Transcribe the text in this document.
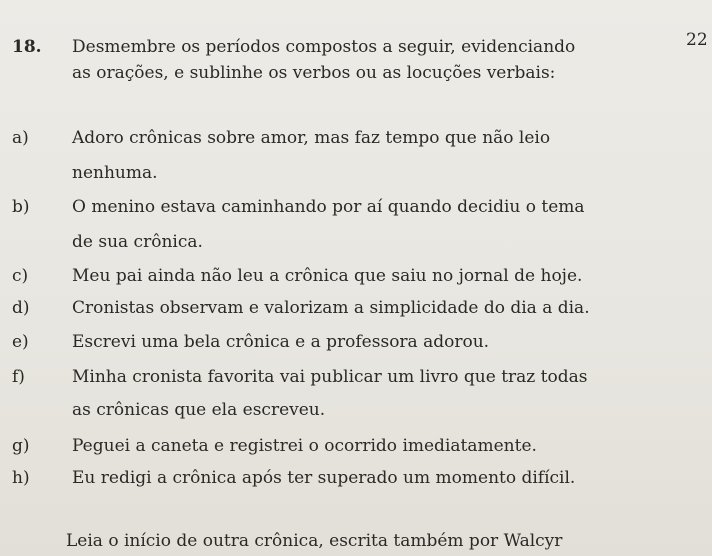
22
18. Desmembre os períodos compostos a seguir, evidenciando
as orações, e sublinhe os verbos ou as locuções verbais:
a)	Adoro crônicas sobre amor, mas faz tempo que não leio
nenhuma.
b) O menino estava caminhando por aí quando decidiu o tema
de sua crônica.
c)	Meu pai ainda não leu a crônica que saiu no jornal de hoje.
d) Cronistas observam e valorizam a simplicidade do dia a dia.
e)	Escrevi uma bela crônica e a professora adorou.
f)	Minha cronista favorita vai publicar um livro que traz todas
as crônicas que ela escreveu.
g) Peguei a caneta e registrei o ocorrido imediatamente.
h) Eu redigi a crônica após ter superado um momento difícil.
Leia o início de outra crônica, escrita também por Walcyr
